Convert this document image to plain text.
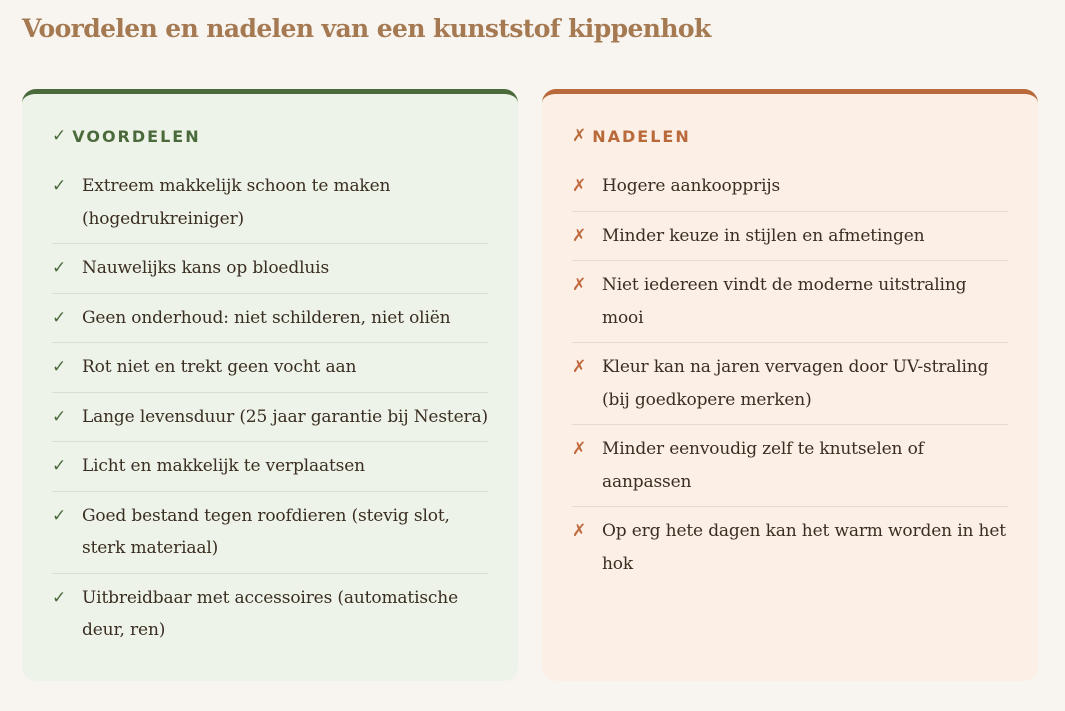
Voordelen en nadelen van een kunststof kippenhok
✓ VOORDELEN
✓ Extreem makkelijk schoon te maken (hogedrukreiniger)
✓ Nauwelijks kans op bloedluis
✓ Geen onderhoud: niet schilderen, niet oliën
✓ Rot niet en trekt geen vocht aan
✓ Lange levensduur (25 jaar garantie bij Nestera)
✓ Licht en makkelijk te verplaatsen
✓ Goed bestand tegen roofdieren (stevig slot, sterk materiaal)
✓ Uitbreidbaar met accessoires (automatische deur, ren)
✗ NADELEN
✗ Hogere aankoopprijs
✗ Minder keuze in stijlen en afmetingen
✗ Niet iedereen vindt de moderne uitstraling mooi
✗ Kleur kan na jaren vervagen door UV-straling (bij goedkopere merken)
✗ Minder eenvoudig zelf te knutselen of aanpassen
✗ Op erg hete dagen kan het warm worden in het hok
